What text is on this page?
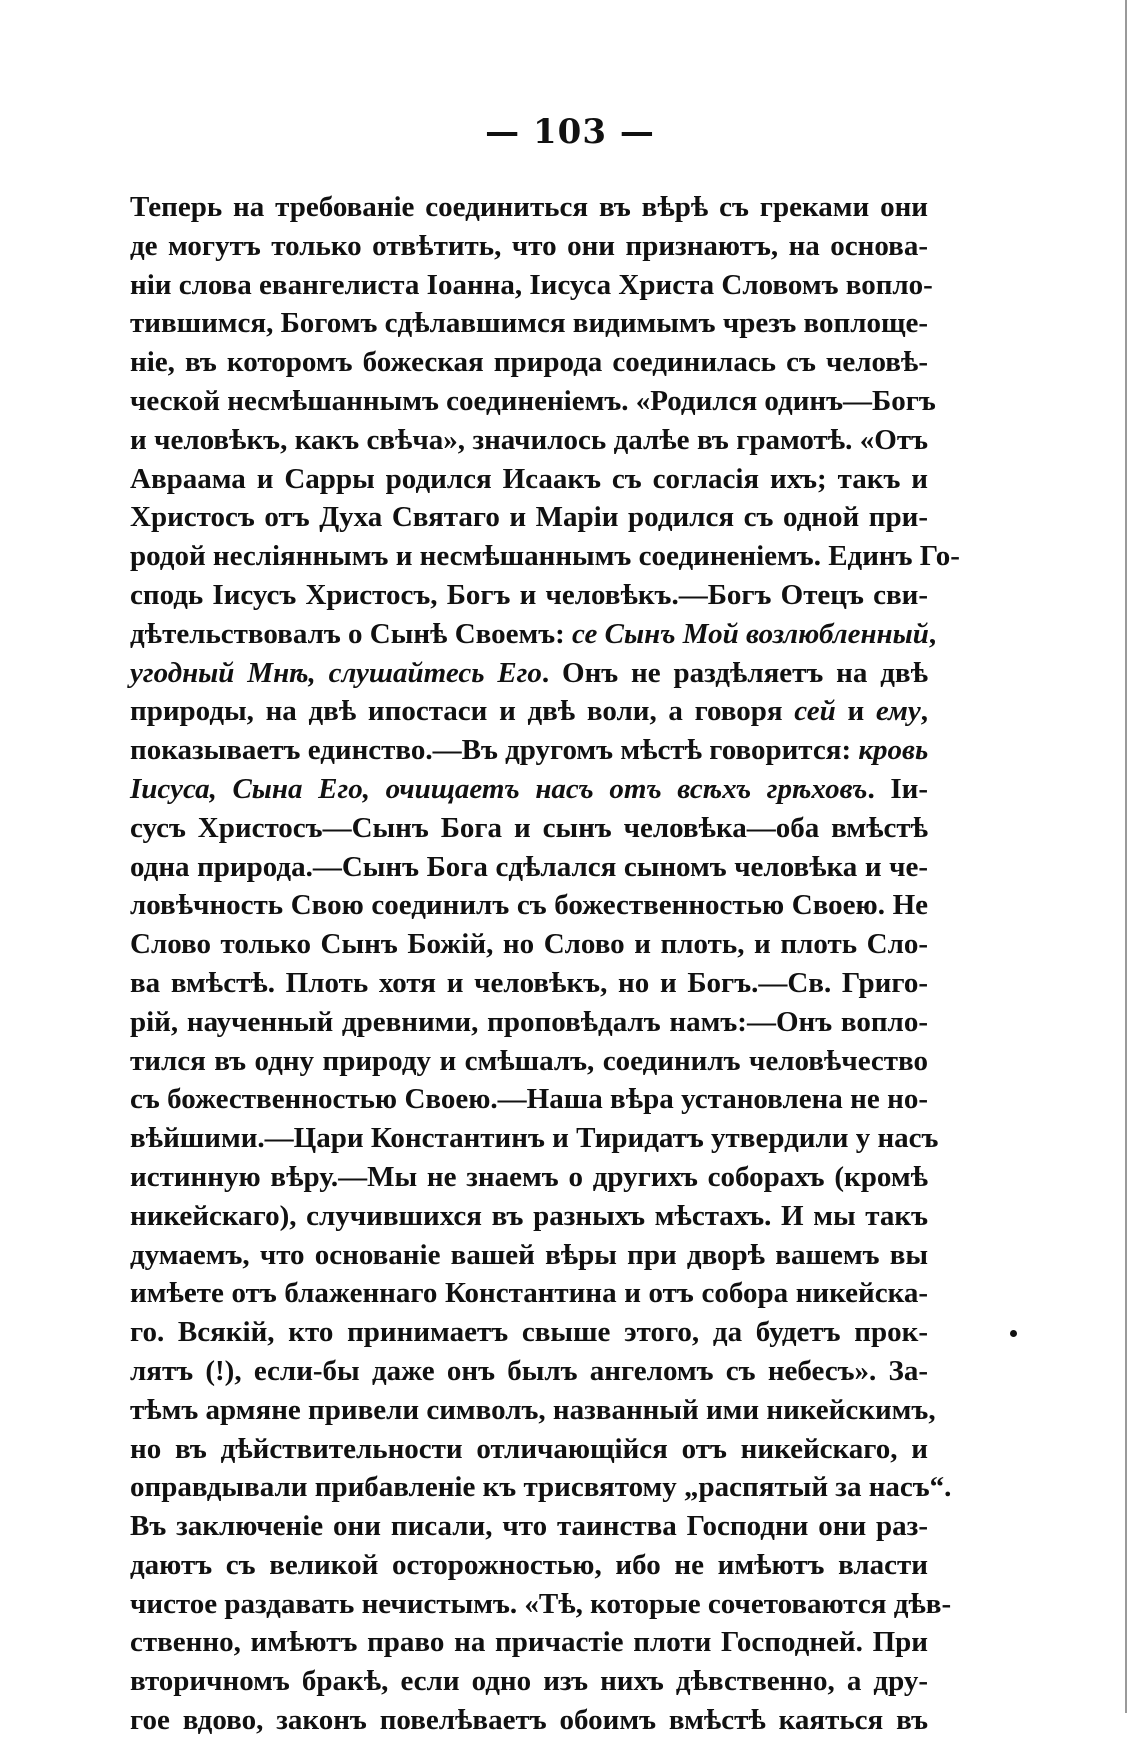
— 103 —
Теперь на требованіе соединиться въ вѣрѣ съ греками они
де могутъ только отвѣтить, что они признаютъ, на основа-
ніи слова евангелиста Іоанна, Іисуса Христа Словомъ вопло-
тившимся, Богомъ сдѣлавшимся видимымъ чрезъ воплоще-
ніе, въ которомъ божеская природа соединилась съ человѣ-
ческой несмѣшаннымъ соединеніемъ. «Родился одинъ—Богъ
и человѣкъ, какъ свѣча», значилось далѣе въ грамотѣ. «Отъ
Авраама и Сарры родился Исаакъ съ согласія ихъ; такъ и
Христосъ отъ Духа Святаго и Маріи родился съ одной при-
родой неслiяннымъ и несмѣшаннымъ соединеніемъ. Единъ Го-
сподь Іисусъ Христосъ, Богъ и человѣкъ.—Богъ Отецъ сви-
дѣтельствовалъ о Сынѣ Своемъ: се Сынъ Мой возлюбленный,
угодный Мнѣ, слушайтесь Его. Онъ не раздѣляетъ на двѣ
природы, на двѣ ипостаси и двѣ воли, а говоря сей и ему,
показываетъ единство.—Въ другомъ мѣстѣ говорится: кровь
Іисуса, Сына Его, очищаетъ насъ отъ всѣхъ грѣховъ. Іи-
сусъ Христосъ—Сынъ Бога и сынъ человѣка—оба вмѣстѣ
одна природа.—Сынъ Бога сдѣлался сыномъ человѣка и че-
ловѣчность Свою соединилъ съ божественностью Своею. Не
Слово только Сынъ Божій, но Слово и плоть, и плоть Сло-
ва вмѣстѣ. Плоть хотя и человѣкъ, но и Богъ.—Св. Григо-
рій, наученный древними, проповѣдалъ намъ:—Онъ вопло-
тился въ одну природу и смѣшалъ, соединилъ человѣчество
съ божественностью Своею.—Наша вѣра установлена не но-
вѣйшими.—Цари Константинъ и Тиридатъ утвердили у насъ
истинную вѣру.—Мы не знаемъ о другихъ соборахъ (кромѣ
никейскаго), случившихся въ разныхъ мѣстахъ. И мы такъ
думаемъ, что основаніе вашей вѣры при дворѣ вашемъ вы
имѣете отъ блаженнаго Константина и отъ собора никейска-
го. Всякій, кто принимаетъ свыше этого, да будетъ прок-
лятъ (!), если-бы даже онъ былъ ангеломъ съ небесъ». За-
тѣмъ армяне привели символъ, названный ими никейскимъ,
но въ дѣйствительности отличающійся отъ никейскаго, и
оправдывали прибавленіе къ трисвятому „распятый за насъ“.
Въ заключеніе они писали, что таинства Господни они раз-
даютъ съ великой осторожностью, ибо не имѣютъ власти
чистое раздавать нечистымъ. «Тѣ, которые сочетоваются дѣв-
ственно, имѣютъ право на причастіе плоти Господней. При
вторичномъ бракѣ, если одно изъ нихъ дѣвственно, а дру-
гое вдово, законъ повелѣваетъ обоимъ вмѣстѣ каяться въ
